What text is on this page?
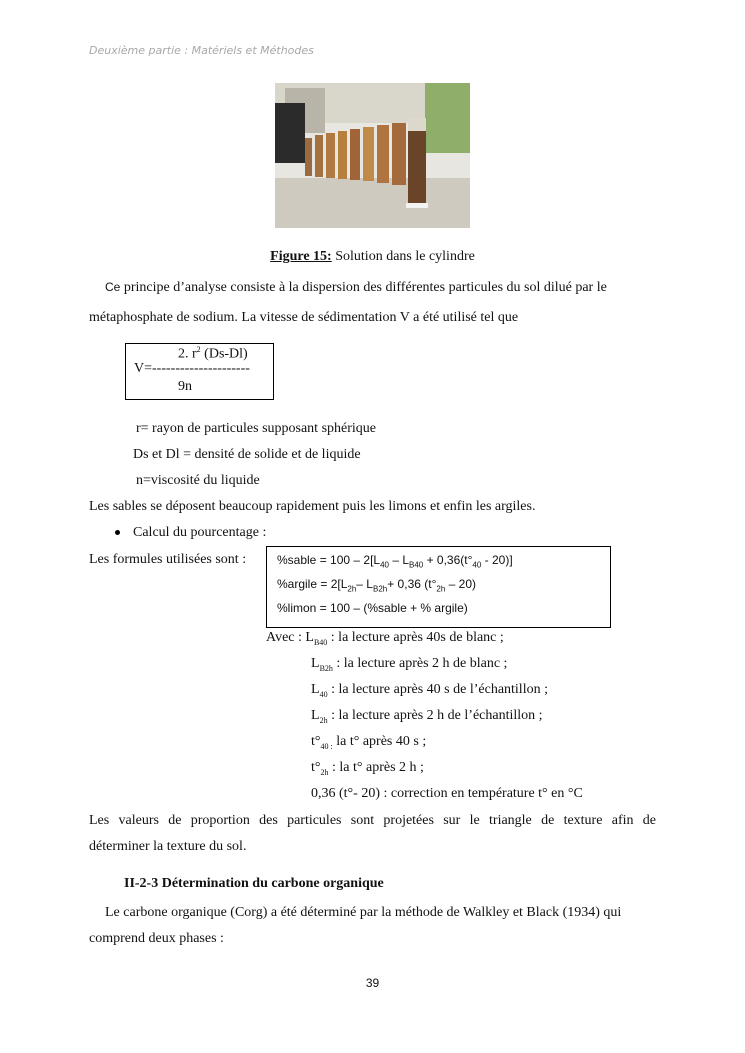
Deuxième partie : Matériels et Méthodes
Figure 15: Solution dans le cylindre
Ce principe d’analyse consiste à la dispersion des différentes particules du sol dilué par le
métaphosphate de sodium. La vitesse de sédimentation V a été utilisé tel que
2. $r^2$ (Ds-Dl)
V=---------------------
9n
r= rayon de particules supposant sphérique
Ds et Dl = densité de solide et de liquide
n=viscosité du liquide
Les sables se déposent beaucoup rapidement puis les limons et enfin les argiles.
Calcul du pourcentage :
Les formules utilisées sont :	%sable = $100 - 2[L_{40} - L_{B40} + 0,36(t^\circ_{40} - 20)]$
%argile = $2[L_{2h}-$ $L_{B2h}+ 0,36$ $(t^\circ_{2h} - 20)$
%limon = 100 – (%sable + % argile)
Avec : $L_{B40}$ : la lecture après 40s de blanc ;
$L_{B2h}$ : la lecture après 2 h de blanc ;
$L_{40}$ : la lecture après 40 s de l’échantillon ;
$L_{2h}$ : la lecture après 2 h de l’échantillon ;
$t^\circ_{40 :}$ la t° après 40 s ;
$t^\circ_{2h}$ : la t° après 2 h ;
0,36 (t°- 20) : correction en température t° en °C
Les valeurs de proportion des particules sont projetées sur le triangle de texture afin de
déterminer la texture du sol.
II-2-3 Détermination du carbone organique
Le carbone organique (Corg) a été déterminé par la méthode de Walkley et Black (1934) qui
comprend deux phases :
39
